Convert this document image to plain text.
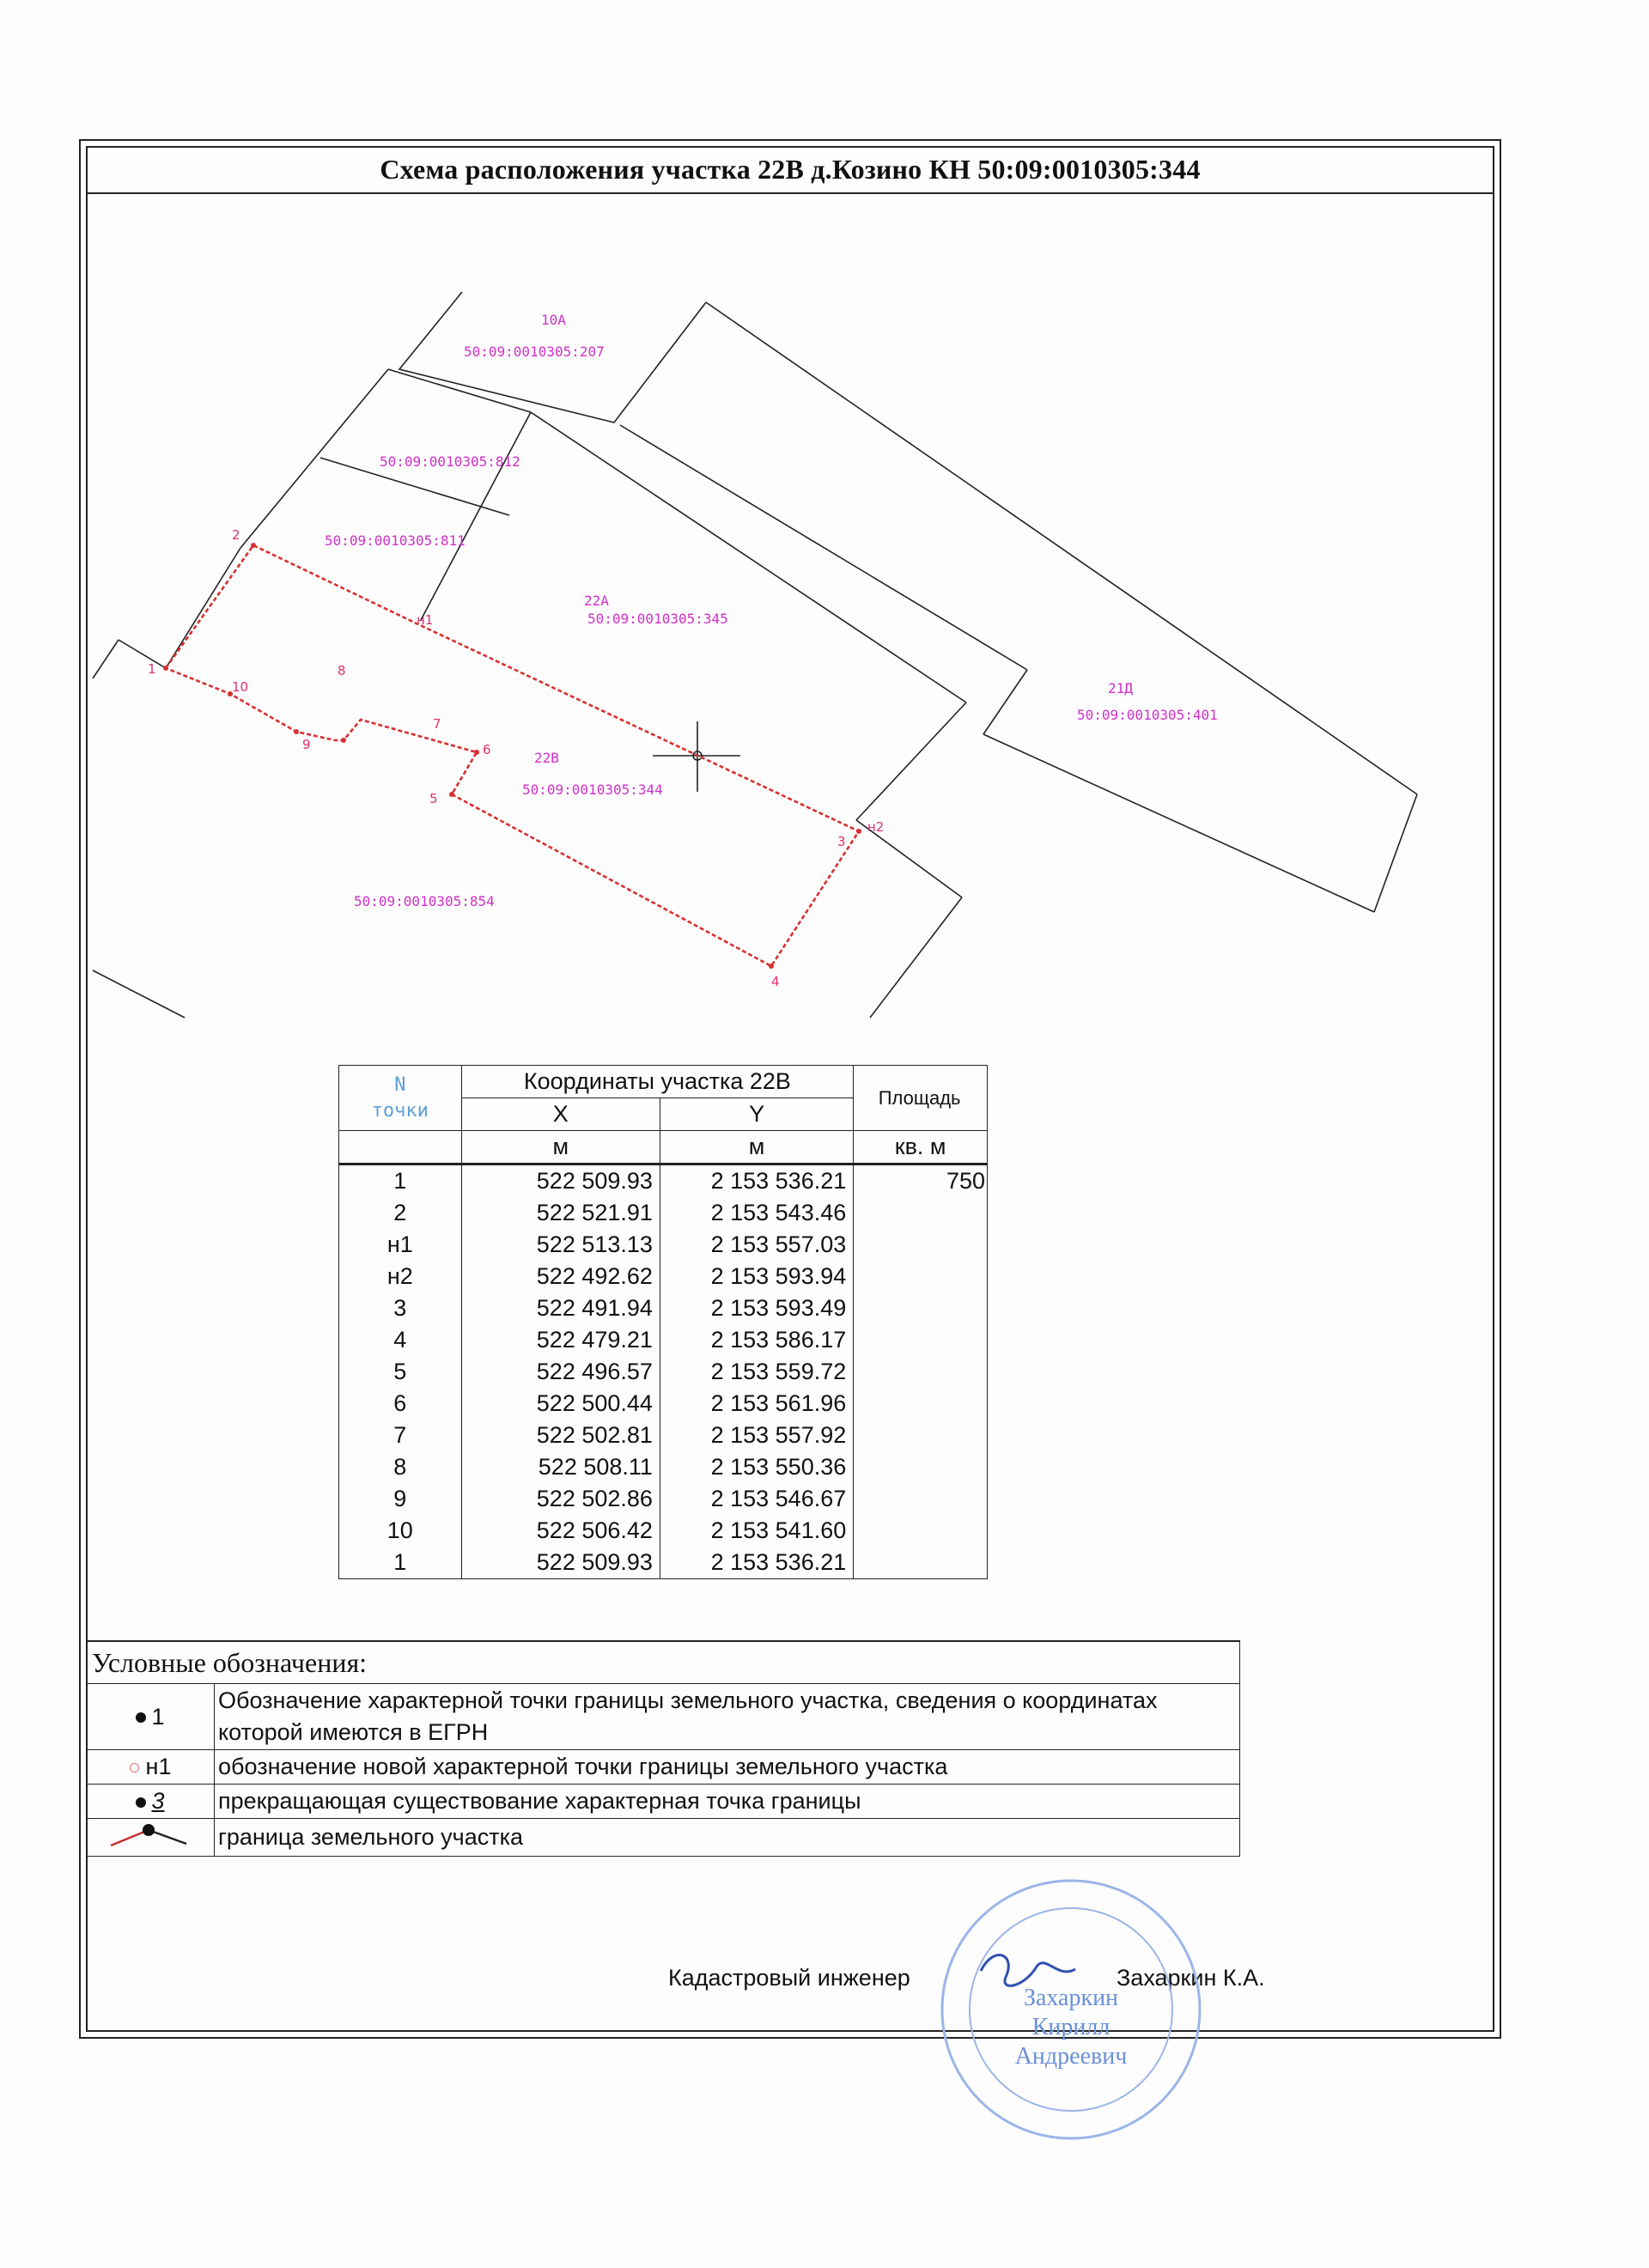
Схема расположения участка 22В д.Козино КН 50:09:0010305:344
10А
50:09:0010305:207
50:09:0010305:812
50:09:0010305:811
22А
50:09:0010305:345
21Д
50:09:0010305:401
22В
50:09:0010305:344
50:09:0010305:854
1
2
н1
н2
3
4
5
6
7
8
9
10
N
точки	Координаты участка 22В		Площадь
	X	Y	
	м	м	кв. м
1	522 509.93	2 153 536.21	750
2	522 521.91	2 153 543.46	
н1	522 513.13	2 153 557.03	
н2	522 492.62	2 153 593.94	
3	522 491.94	2 153 593.49	
4	522 479.21	2 153 586.17	
5	522 496.57	2 153 559.72	
6	522 500.44	2 153 561.96	
7	522 502.81	2 153 557.92	
8	522 508.11	2 153 550.36	
9	522 502.86	2 153 546.67	
10	522 506.42	2 153 541.60	
1	522 509.93	2 153 536.21	
Условные обозначения:	
1	Обозначение характерной точки границы земельного участка, сведения о координатах которой имеются в ЕГРН
н1	обозначение новой характерной точки границы земельного участка
3	прекращающая существование характерная точка границы
	граница земельного участка
Кадастровый инженер	Захаркин К.А.
Захаркин
Кирилл
Андреевич
